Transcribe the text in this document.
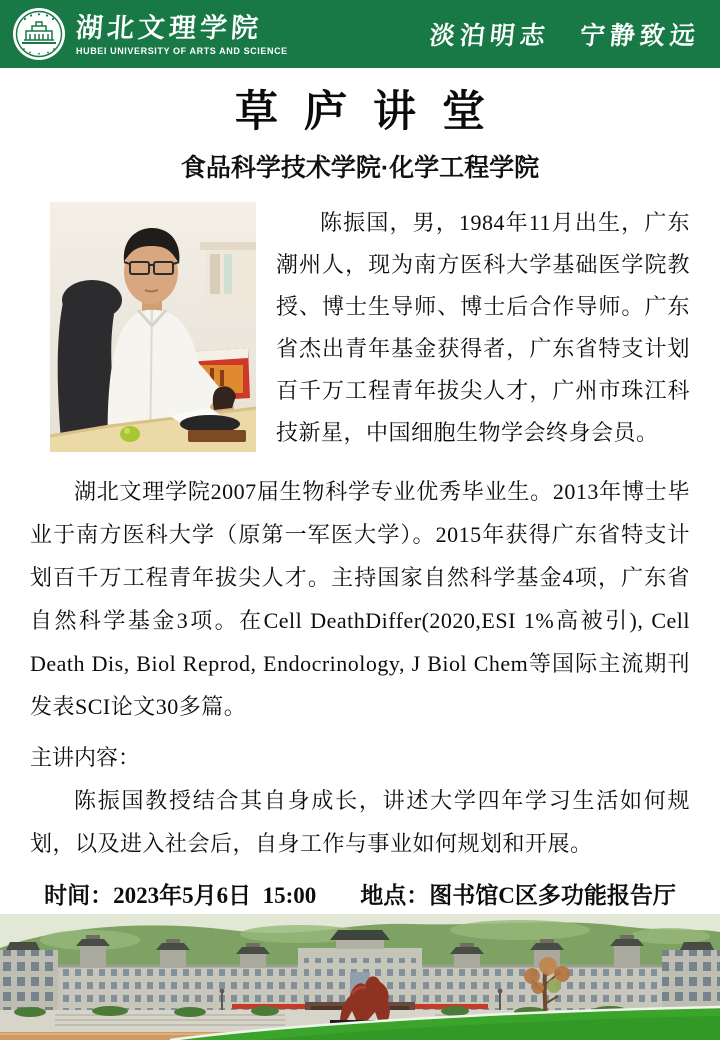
湖北文理学院
HUBEI UNIVERSITY OF ARTS AND SCIENCE
淡泊明志　宁静致远
草庐讲堂
食品科学技术学院·化学工程学院
陈振国，男，1984年11月出生，广东潮州人，现为南方医科大学基础医学院教授、博士生导师、博士后合作导师。广东省杰出青年基金获得者，广东省特支计划百千万工程青年拔尖人才，广州市珠江科技新星，中国细胞生物学会终身会员。
湖北文理学院2007届生物科学专业优秀毕业生。2013年博士毕业于南方医科大学（原第一军医大学）。2015年获得广东省特支计划百千万工程青年拔尖人才。主持国家自然科学基金4项，广东省自然科学基金3项。在Cell DeathDiffer(2020,ESI 1%高被引), Cell Death Dis, Biol Reprod, Endocrinology, J Biol Chem等国际主流期刊发表SCI论文30多篇。
主讲内容：
陈振国教授结合其自身成长，讲述大学四年学习生活如何规划，以及进入社会后，自身工作与事业如何规划和开展。
时间：2023年5月6日  15:00 地点：图书馆C区多功能报告厅
